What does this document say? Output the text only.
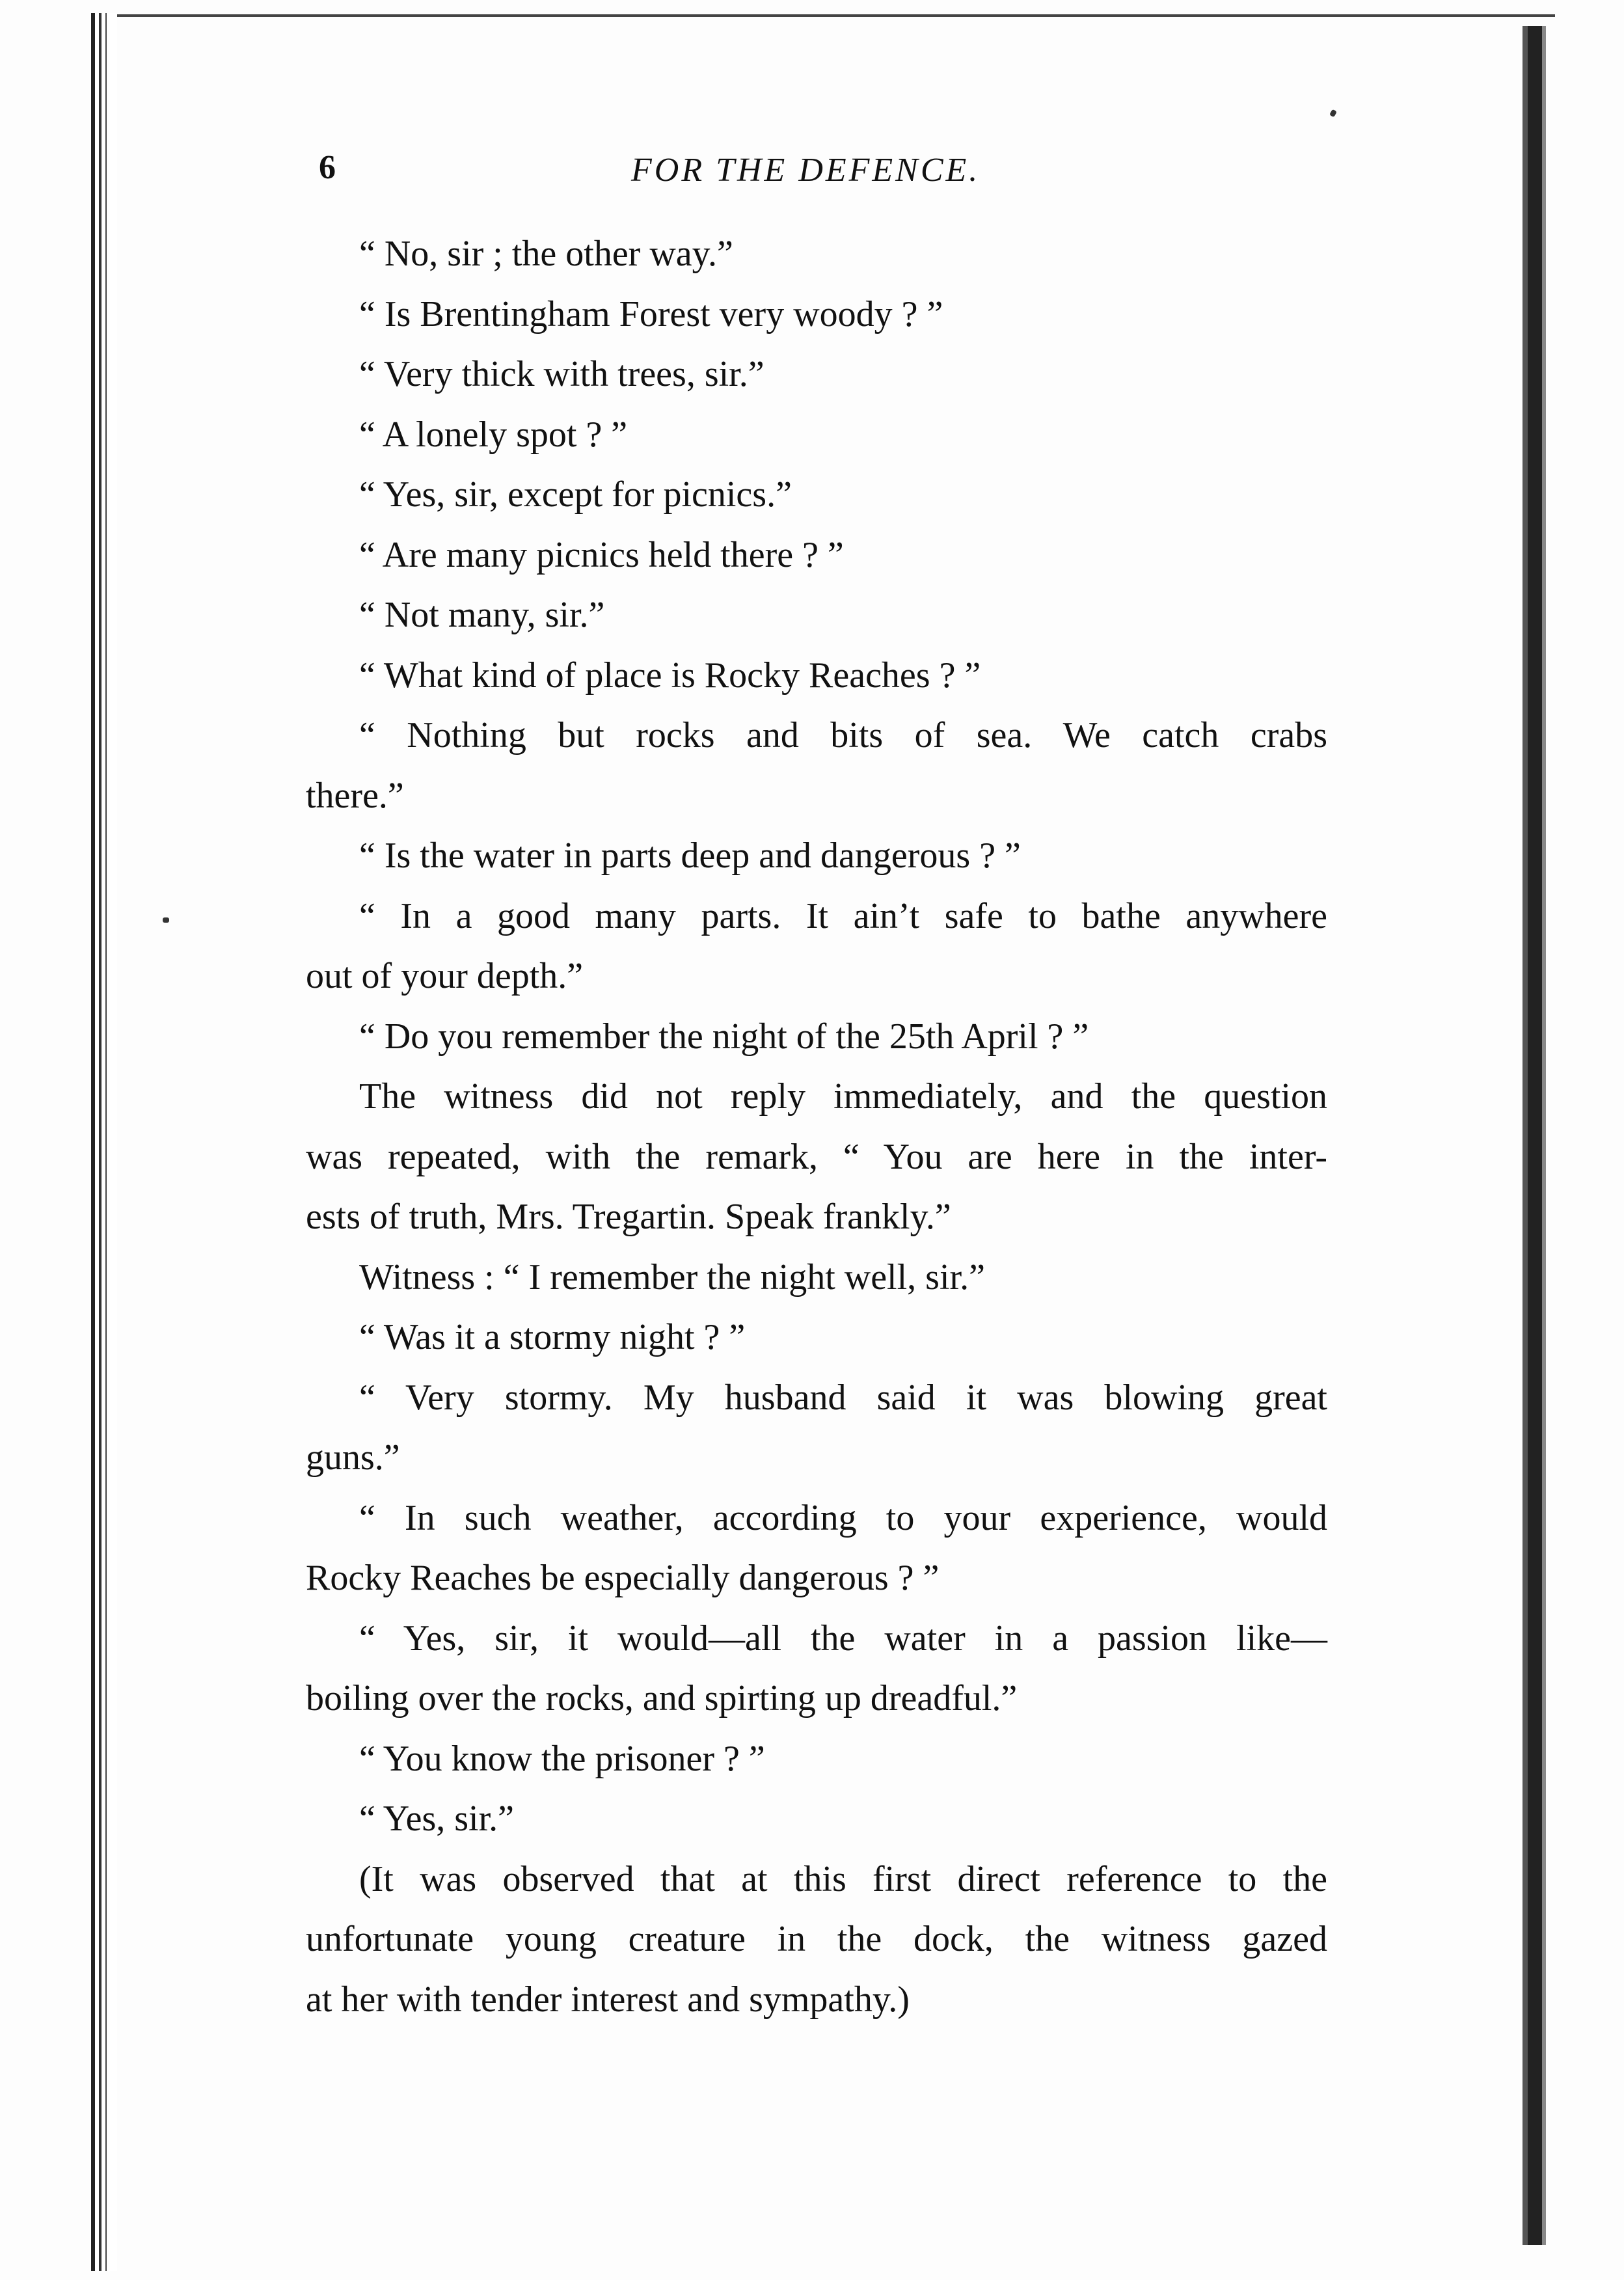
6	FOR THE DEFENCE.
“ No, sir ; the other way.”
“ Is Brentingham Forest very woody ? ”
“ Very thick with trees, sir.”
“ A lonely spot ? ”
“ Yes, sir, except for picnics.”
“ Are many picnics held there ? ”
“ Not many, sir.”
“ What kind of place is Rocky Reaches ? ”
“ Nothing but rocks and bits of sea. We catch crabs
there.”
“ Is the water in parts deep and dangerous ? ”
“ In a good many parts. It ain’t safe to bathe anywhere
out of your depth.”
“ Do you remember the night of the 25th April ? ”
The witness did not reply immediately, and the question
was repeated, with the remark, “ You are here in the inter-
ests of truth, Mrs. Tregartin. Speak frankly.”
Witness : “ I remember the night well, sir.”
“ Was it a stormy night ? ”
“ Very stormy. My husband said it was blowing great
guns.”
“ In such weather, according to your experience, would
Rocky Reaches be especially dangerous ? ”
“ Yes, sir, it would—all the water in a passion like—
boiling over the rocks, and spirting up dreadful.”
“ You know the prisoner ? ”
“ Yes, sir.”
(It was observed that at this first direct reference to the
unfortunate young creature in the dock, the witness gazed
at her with tender interest and sympathy.)
